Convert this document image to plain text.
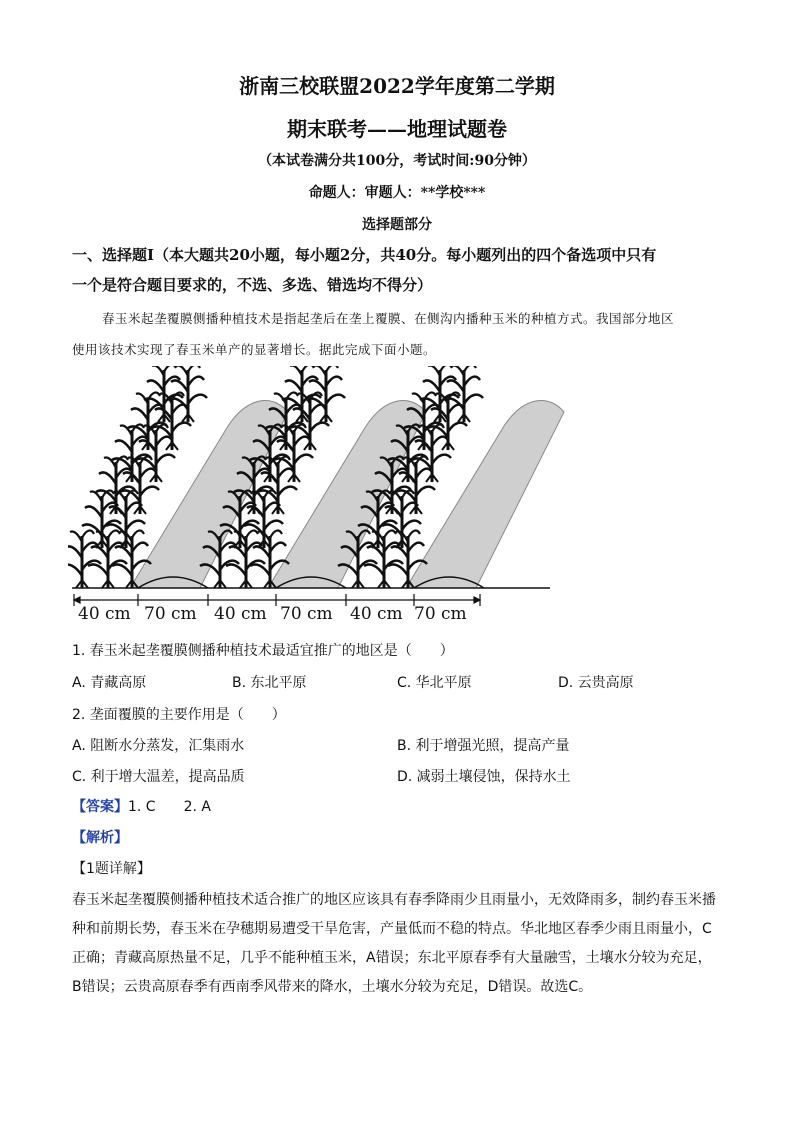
浙南三校联盟2022学年度第二学期
期末联考——地理试题卷
（本试卷满分共100分，考试时间:90分钟）
命题人：审题人：**学校***
选择题部分
一、选择题Ⅰ（本大题共20小题，每小题2分，共40分。每小题列出的四个备选项中只有
一个是符合题目要求的，不选、多选、错选均不得分）
春玉米起垄覆膜侧播种植技术是指起垄后在垄上覆膜、在侧沟内播种玉米的种植方式。我国部分地区
使用该技术实现了春玉米单产的显著增长。据此完成下面小题。
40 cm 70 cm 40 cm 70 cm 40 cm 70 cm
1. 春玉米起垄覆膜侧播种植技术最适宜推广的地区是（　　）
A. 青藏高原	B. 东北平原	C. 华北平原	D. 云贵高原
2. 垄面覆膜的主要作用是（　　）
A. 阻断水分蒸发，汇集雨水	B. 利于增强光照，提高产量
C. 利于增大温差，提高品质	D. 减弱土壤侵蚀，保持水土
【答案】1. C　　2. A
【解析】
【1题详解】
春玉米起垄覆膜侧播种植技术适合推广的地区应该具有春季降雨少且雨量小，无效降雨多，制约春玉米播
种和前期长势，春玉米在孕穗期易遭受干旱危害，产量低而不稳的特点。华北地区春季少雨且雨量小，C
正确；青藏高原热量不足，几乎不能种植玉米，A错误；东北平原春季有大量融雪，土壤水分较为充足，
B错误；云贵高原春季有西南季风带来的降水，土壤水分较为充足，D错误。故选C。
